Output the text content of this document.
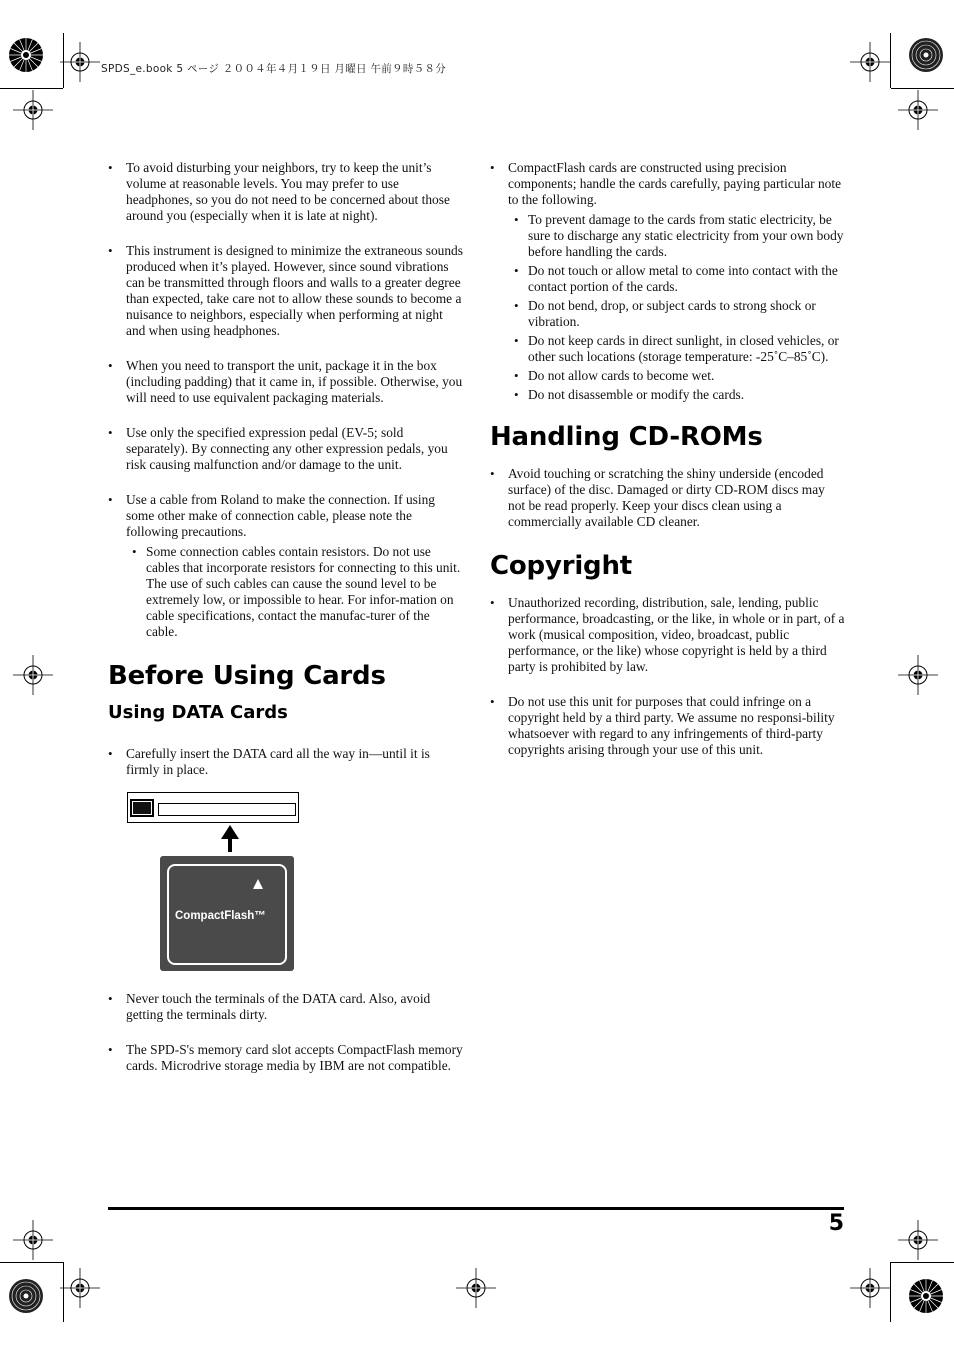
SPDS_e.book 5 ページ ２００４年４月１９日 月曜日 午前９時５８分
• To avoid disturbing your neighbors, try to keep the unit’s volume at reasonable levels. You may prefer to use headphones, so you do not need to be concerned about those around you (especially when it is late at night).
• This instrument is designed to minimize the extraneous sounds produced when it’s played. However, since sound vibrations can be transmitted through floors and walls to a greater degree than expected, take care not to allow these sounds to become a nuisance to neighbors, especially when performing at night and when using headphones.
• When you need to transport the unit, package it in the box (including padding) that it came in, if possible. Otherwise, you will need to use equivalent packaging materials.
• Use only the specified expression pedal (EV-5; sold separately). By connecting any other expression pedals, you risk causing malfunction and/or damage to the unit.
• Use a cable from Roland to make the connection. If using some other make of connection cable, please note the following precautions.
• Some connection cables contain resistors. Do not use cables that incorporate resistors for connecting to this unit. The use of such cables can cause the sound level to be extremely low, or impossible to hear. For infor-mation on cable specifications, contact the manufac-turer of the cable.
Before Using Cards
Using DATA Cards
• Carefully insert the DATA card all the way in—until it is firmly in place.
• Never touch the terminals of the DATA card. Also, avoid getting the terminals dirty.
• The SPD-S's memory card slot accepts CompactFlash memory cards. Microdrive storage media by IBM are not compatible.
CompactFlash™
• CompactFlash cards are constructed using precision components; handle the cards carefully, paying particular note to the following.
• To prevent damage to the cards from static electricity, be sure to discharge any static electricity from your own body before handling the cards.
• Do not touch or allow metal to come into contact with the contact portion of the cards.
• Do not bend, drop, or subject cards to strong shock or vibration.
• Do not keep cards in direct sunlight, in closed vehicles, or other such locations (storage temperature: -25˚C–85˚C).
• Do not allow cards to become wet.
• Do not disassemble or modify the cards.
Handling CD-ROMs
• Avoid touching or scratching the shiny underside (encoded surface) of the disc. Damaged or dirty CD-ROM discs may not be read properly. Keep your discs clean using a commercially available CD cleaner.
Copyright
• Unauthorized recording, distribution, sale, lending, public performance, broadcasting, or the like, in whole or in part, of a work (musical composition, video, broadcast, public performance, or the like) whose copyright is held by a third party is prohibited by law.
• Do not use this unit for purposes that could infringe on a copyright held by a third party. We assume no responsi-bility whatsoever with regard to any infringements of third-party copyrights arising through your use of this unit.
5
